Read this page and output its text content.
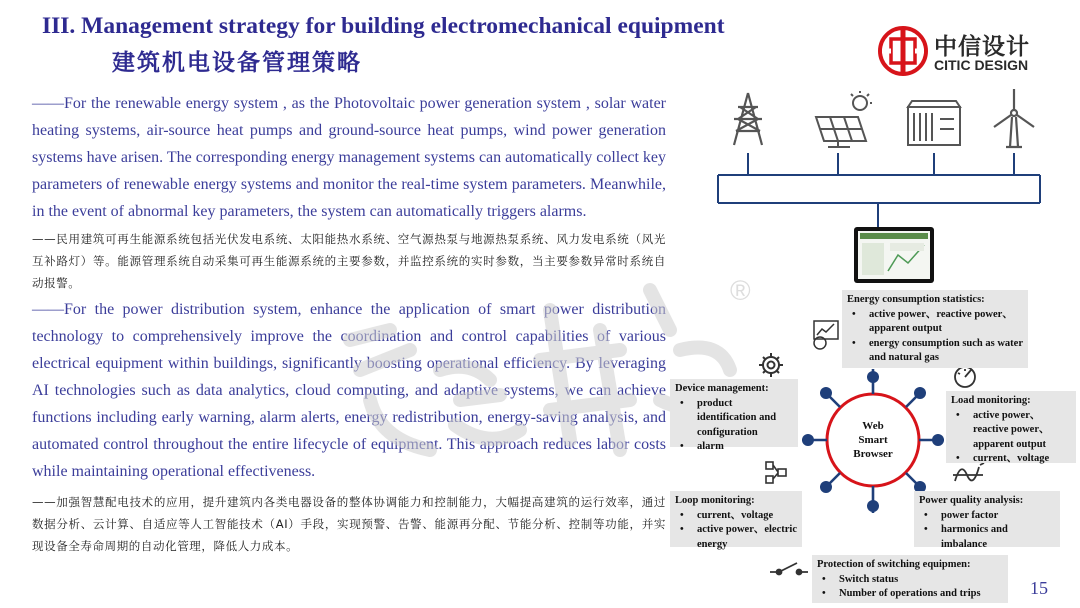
III. Management strategy for building electromechanical equipment
建筑机电设备管理策略
中信设计
CITIC DESIGN

——For the renewable energy system , as the Photovoltaic power generation system , solar water heating systems, air-source heat pumps and ground-source heat pumps, wind power generation systems have arisen. The corresponding energy management systems can automatically collect key parameters of renewable energy systems and monitor the real-time system parameters. Meanwhile, in the event of abnormal key parameters, the system can automatically triggers alarms.

——民用建筑可再生能源系统包括光伏发电系统、太阳能热水系统、空气源热泵与地源热泵系统、风力发电系统（风光互补路灯）等。能源管理系统自动采集可再生能源系统的主要参数，并监控系统的实时参数，当主要参数异常时系统自动报警。

——For the power distribution system, enhance the application of smart power distribution technology to comprehensively improve the coordination and control capabilities of various electrical equipment within buildings, significantly boosting operational efficiency. By leveraging AI technologies such as data analytics, cloud computing, and adaptive systems, we can achieve functions including early warning, alarm alerts, energy redistribution, energy-saving analysis, and automated control throughout the entire lifecycle of equipment. This approach reduces labor costs while maintaining operational effectiveness.

——加强智慧配电技术的应用，提升建筑内各类电器设备的整体协调能力和控制能力，大幅提高建筑的运行效率，通过数据分析、云计算、自适应等人工智能技术（AI）手段，实现预警、告警、能源再分配、节能分析、控制等功能，并实现设备全寿命周期的自动化管理，降低人力成本。

®	Energy consumption statistics:
• active power、reactive power、apparent output
• energy consumption such as water and natural gas
Device management:
• product identification and configuration
• alarm
Load monitoring:
• active power、reactive power、apparent output
• current、voltage
Loop monitoring:
• current、voltage
• active power、electric energy
Power quality analysis:
• power factor
• harmonics and imbalance
Protection of switching equipmen:
• Switch status
• Number of operations and trips
Web
Smart
Browser
15
